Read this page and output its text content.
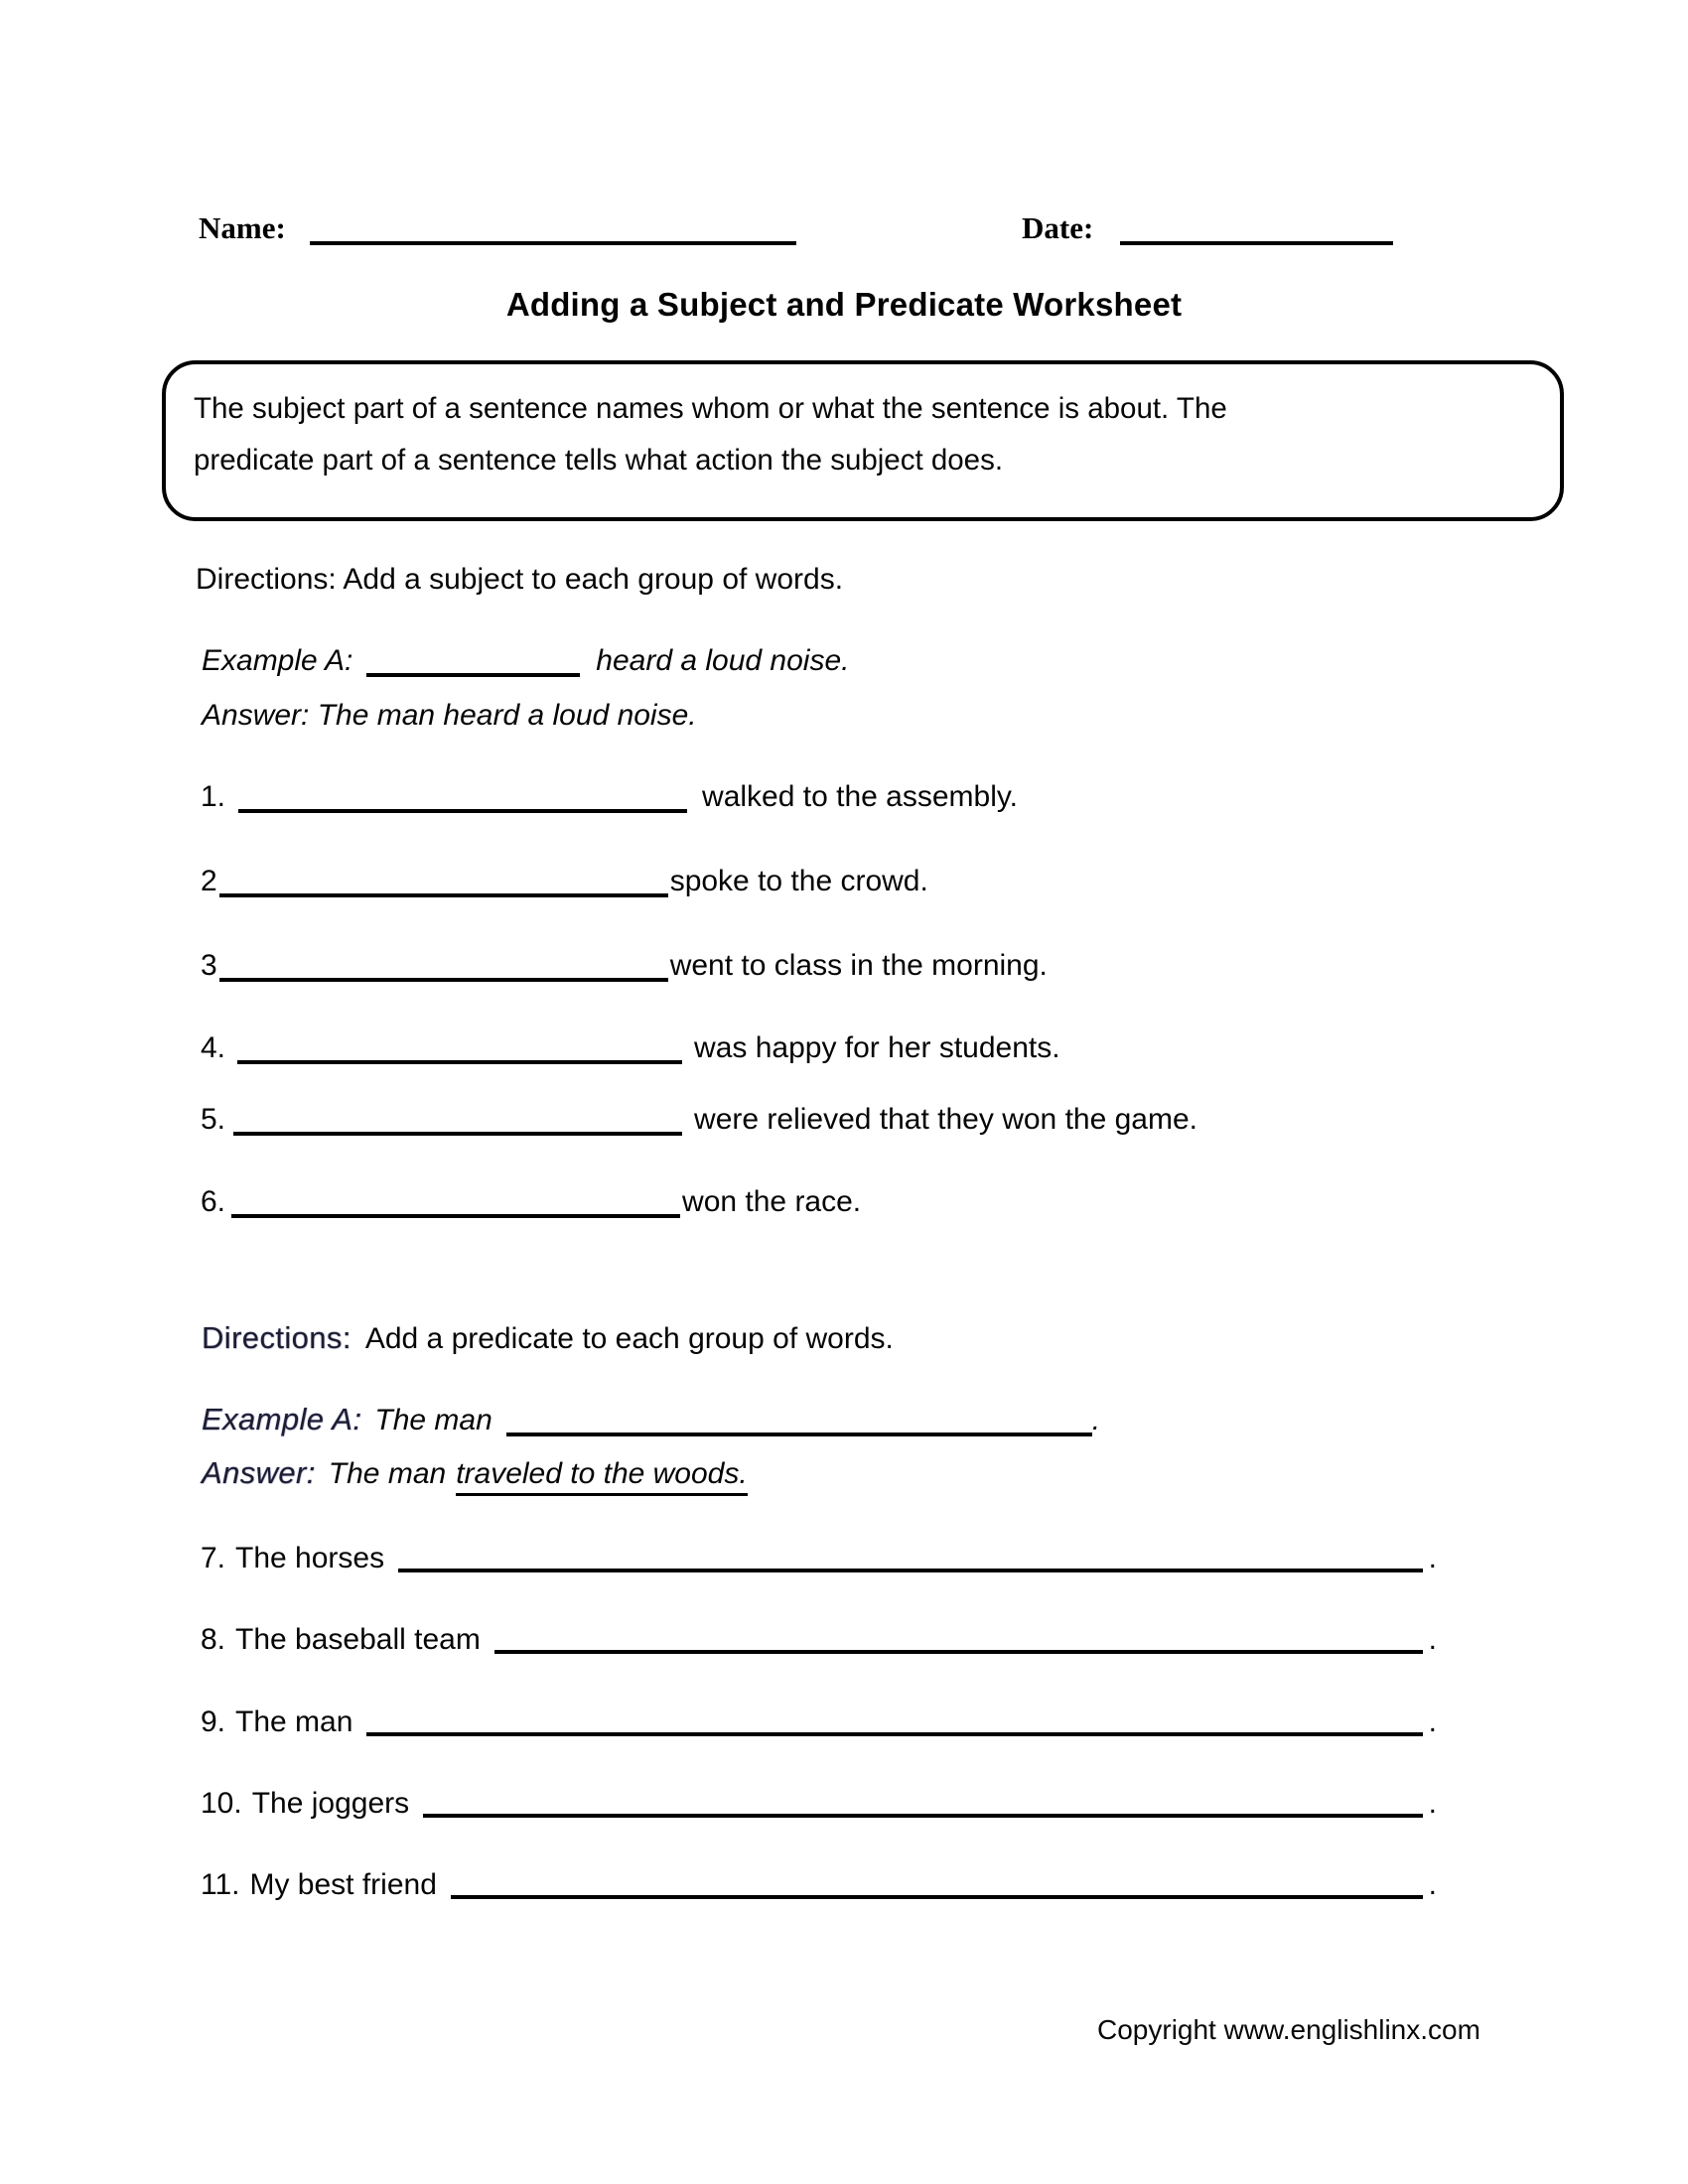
Name:	Date:
Adding a Subject and Predicate Worksheet
The subject part of a sentence names whom or what the sentence is about. The
predicate part of a sentence tells what action the subject does.
Directions: Add a subject to each group of words.
Example A:	heard a loud noise.
Answer: The man heard a loud noise.
1.	walked to the assembly.
2	spoke to the crowd.
3	went to class in the morning.
4.	was happy for her students.
5.	were relieved that they won the game.
6.	won the race.
Directions: Add a predicate to each group of words.
Example A: The man	.
Answer: The man traveled to the woods.
7. The horses	.
8. The baseball team	.
9. The man	.
10. The joggers	.
11. My best friend	.
Copyright www.englishlinx.com
